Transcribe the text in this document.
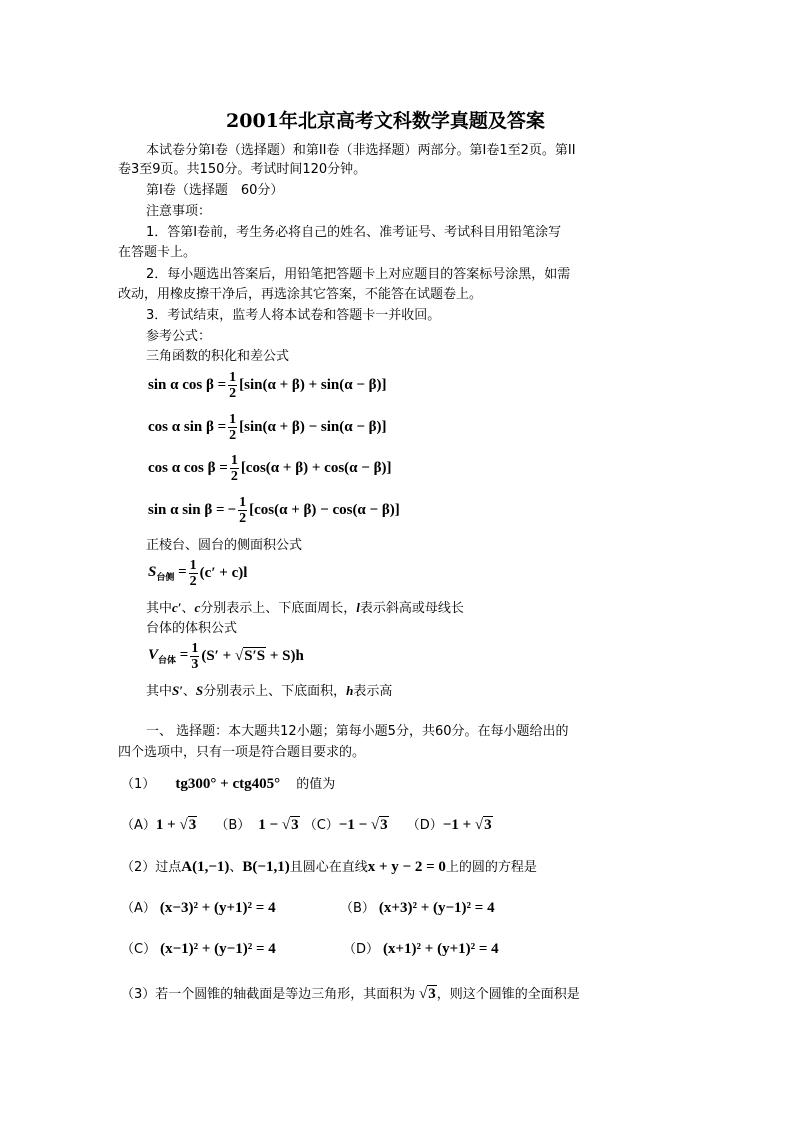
2001年北京高考文科数学真题及答案
本试卷分第Ⅰ卷（选择题）和第II卷（非选择题）两部分。第Ⅰ卷1至2页。第II
卷3至9页。共150分。考试时间120分钟。
第Ⅰ卷（选择题　60分）
注意事项：
1．答第Ⅰ卷前，考生务必将自己的姓名、准考证号、考试科目用铅笔涂写
在答题卡上。
2．每小题选出答案后，用铅笔把答题卡上对应题目的答案标号涂黑，如需
改动，用橡皮擦干净后，再选涂其它答案，不能答在试题卷上。
3．考试结束，监考人将本试卷和答题卡一并收回。
参考公式：
三角函数的积化和差公式
sin α $\cos \beta = \frac{1}{2} [\sin(\alpha + \beta) + \sin(\alpha - \beta)]$
cos α $\sin \beta = \frac{1}{2} [\sin(\alpha + \beta) - \sin(\alpha - \beta)]$
cos α $\cos \beta = \frac{1}{2} [\cos(\alpha + \beta) + \cos(\alpha - \beta)]$
sin α sin β = − $\frac{1}{2} [\cos(\alpha + \beta) - \cos(\alpha - \beta)]$
正棱台、圆台的侧面积公式
$S_{台侧} = \frac{1}{2} (c' + c)l$
其中c′、c分别表示上、下底面周长，l表示斜高或母线长
台体的体积公式
$V_{台体} = \frac{1}{3} (S' + √S'S + S)h$
其中S′、S分别表示上、下底面积，h表示高
一、 选择题：本大题共12小题；第每小题5分，共60分。在每小题给出的
四个选项中，只有一项是符合题目要求的。
（1） tg300° + ctg405° 的值为
（A）1 + √3 （B） 1 − √3 （C）−1 − √3 （D）−1 + √3
（2）过点A(1,−1)、B(−1,1)且圆心在直线x + y − 2 = 0上的圆的方程是
（A） (x−3)² + (y+1)² = 4	（B） (x+3)² + (y−1)² = 4
（C） (x−1)² + (y−1)² = 4	（D） (x+1)² + (y+1)² = 4
（3）若一个圆锥的轴截面是等边三角形，其面积为 √3，则这个圆锥的全面积是
